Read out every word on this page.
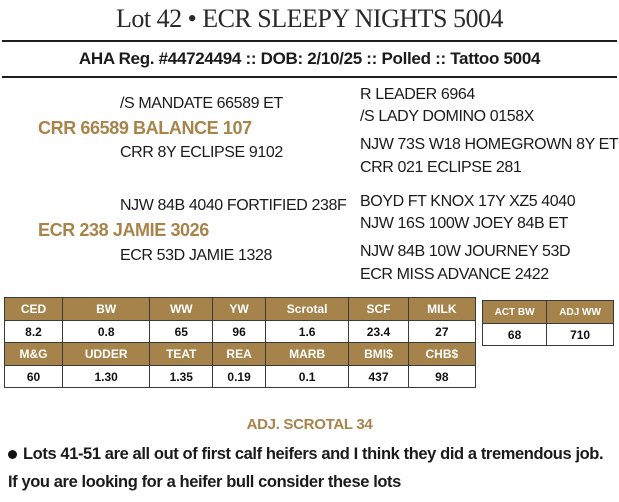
Lot 42 • ECR SLEEPY NIGHTS 5004
AHA Reg. #44724494 :: DOB: 2/10/25 :: Polled :: Tattoo 5004
/S MANDATE 66589 ET
CRR 66589 BALANCE 107
CRR 8Y ECLIPSE 9102
R LEADER 6964
/S LADY DOMINO 0158X
NJW 73S W18 HOMEGROWN 8Y ET
CRR 021 ECLIPSE 281
NJW 84B 4040 FORTIFIED 238F
ECR 238 JAMIE 3026
ECR 53D JAMIE 1328
BOYD FT KNOX 17Y XZ5 4040
NJW 16S 100W JOEY 84B ET
NJW 84B 10W JOURNEY 53D
ECR MISS ADVANCE 2422
CED	BW	WW	YW	Scrotal	SCF	MILK
8.2	0.8	65	96	1.6	23.4	27
M&G	UDDER	TEAT	REA	MARB	BMI$	CHB$
60	1.30	1.35	0.19	0.1	437	98
ACT BW	ADJ WW
68	710
ADJ. SCROTAL 34
Lots 41-51 are all out of first calf heifers and I think they did a tremendous job. If you are looking for a heifer bull consider these lots
